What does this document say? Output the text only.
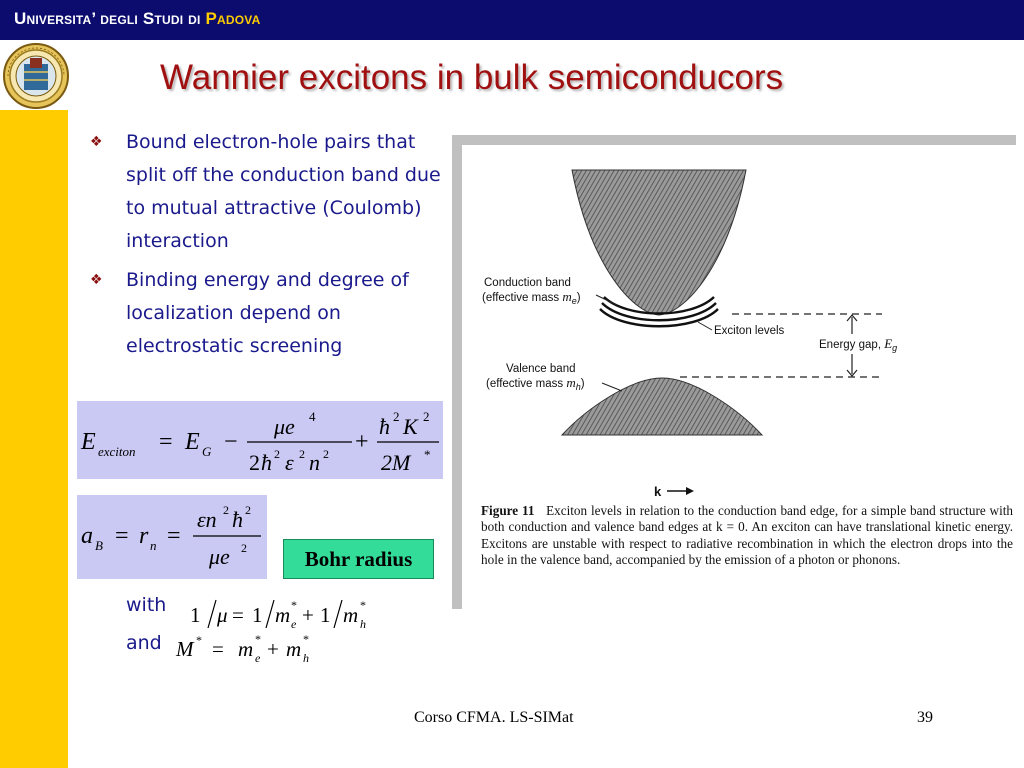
Universita’ degli Studi di Padova
Wannier excitons in bulk semiconducors
❖ Bound electron-hole pairs that split off the conduction band due to mutual attractive (Coulomb) interaction
❖ Binding energy and degree of localization depend on electrostatic screening
E exciton = E G −
μe 4
2 ħ 2 ε 2 n 2 +
ħ 2 K 2
2M *
a B = r n =
εn 2 ħ 2
μe 2	Bohr radius
with
and
1 μ = 1 m *
e + 1 m *
h
M * = m *
e + m *
h
Energy gap, $E_g$
Conduction band
(effective mass $m_e$)
Exciton levels
Valence band
(effective mass $m_h$)
k
Figure 11 Exciton levels in relation to the conduction band edge, for a simple band structure with both conduction and valence band edges at k = 0. An exciton can have translational kinetic energy. Excitons are unstable with respect to radiative recombination in which the electron drops into the hole in the valence band, accompanied by the emission of a photon or phonons.
Corso CFMA. LS-SIMat	39
